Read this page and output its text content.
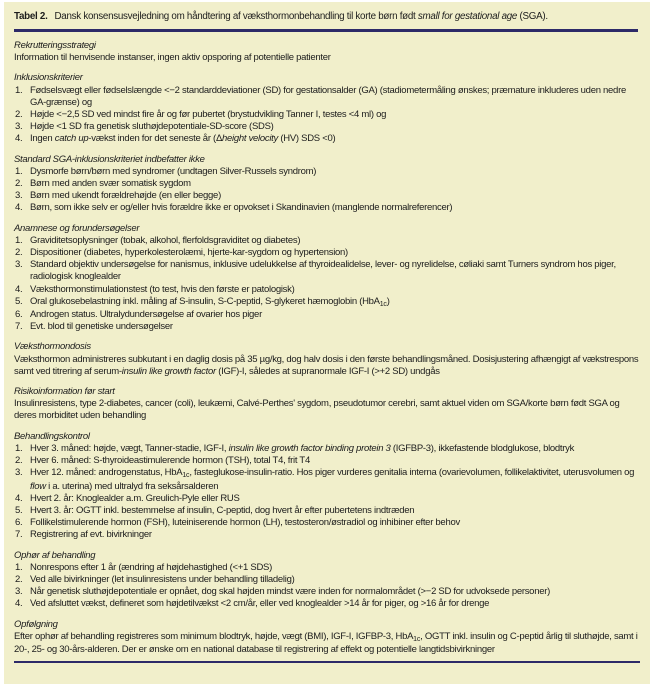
Tabel 2. Dansk konsensusvejledning om håndtering af væksthormonbehandling til korte børn født small for gestational age (SGA).
Rekrutteringsstrategi
Information til henvisende instanser, ingen aktiv opsporing af potentielle patienter
Inklusionskriterier
1. Fødselsvægt eller fødselslængde <−2 standarddeviationer (SD) for gestationsalder (GA) (stadiometermåling ønskes; præmature inkluderes uden nedre GA-grænse) og
2. Højde <−2,5 SD ved mindst fire år og før pubertet (brystudvikling Tanner I, testes <4 ml) og
3. Højde <1 SD fra genetisk sluthøjdepotentiale-SD-score (SDS)
4. Ingen catch up-vækst inden for det seneste år (Δheight velocity (HV) SDS <0)
Standard SGA-inklusionskriteriet indbefatter ikke
1. Dysmorfe børn/børn med syndromer (undtagen Silver-Russels syndrom)
2. Børn med anden svær somatisk sygdom
3. Børn med ukendt forældrehøjde (en eller begge)
4. Børn, som ikke selv er og/eller hvis forældre ikke er opvokset i Skandinavien (manglende normalreferencer)
Anamnese og forundersøgelser
1. Graviditetsoplysninger (tobak, alkohol, flerfoldsgraviditet og diabetes)
2. Dispositioner (diabetes, hyperkolesterolæmi, hjerte-kar-sygdom og hypertension)
3. Standard objektiv undersøgelse for nanismus, inklusive udelukkelse af thyroidealidelse, lever- og nyrelidelse, cøliaki samt Turners syndrom hos piger, radiologisk knoglealder
4. Væksthormonstimulationstest (to test, hvis den første er patologisk)
5. Oral glukosebelastning inkl. måling af S-insulin, S-C-peptid, S-glykeret hæmoglobin (HbA$_{1c}$)
6. Androgen status. Ultralydundersøgelse af ovarier hos piger
7. Evt. blod til genetiske undersøgelser
Væksthormondosis
Væksthormon administreres subkutant i en daglig dosis på 35 µg/kg, dog halv dosis i den første behandlingsmåned. Dosisjustering afhængigt af vækstrespons samt ved titrering af serum-insulin like growth factor (IGF)-I, således at supranormale IGF-I (>+2 SD) undgås
Risikoinformation før start
Insulinresistens, type 2-diabetes, cancer (coli), leukæmi, Calvé-Perthes' sygdom, pseudotumor cerebri, samt aktuel viden om SGA/korte børn født SGA og deres morbiditet uden behandling
Behandlingskontrol
1. Hver 3. måned: højde, vægt, Tanner-stadie, IGF-I, insulin like growth factor binding protein 3 (IGFBP-3), ikkefastende blodglukose, blodtryk
2. Hver 6. måned: S-thyroideastimulerende hormon (TSH), total T4, frit T4
3. Hver 12. måned: androgenstatus, HbA$_{1c}$, fasteglukose-insulin-ratio. Hos piger vurderes genitalia interna (ovarievolumen, follikelaktivitet, uterusvolumen og flow i a. uterina) med ultralyd fra seksårsalderen
4. Hvert 2. år: Knoglealder a.m. Greulich-Pyle eller RUS
5. Hvert 3. år: OGTT inkl. bestemmelse af insulin, C-peptid, dog hvert år efter pubertetens indtræden
6. Follikelstimulerende hormon (FSH), luteiniserende hormon (LH), testosteron/østradiol og inhibiner efter behov
7. Registrering af evt. bivirkninger
Ophør af behandling
1. Nonrespons efter 1 år (ændring af højdehastighed (<+1 SDS)
2. Ved alle bivirkninger (let insulinresistens under behandling tilladelig)
3. Når genetisk sluthøjdepotentiale er opnået, dog skal højden mindst være inden for normalområdet (>−2 SD for udvoksede personer)
4. Ved afsluttet vækst, defineret som højdetilvækst <2 cm/år, eller ved knoglealder >14 år for piger, og >16 år for drenge
Opfølgning
Efter ophør af behandling registreres som minimum blodtryk, højde, vægt (BMI), IGF-I, IGFBP-3, HbA$_{1c}$, OGTT inkl. insulin og C-peptid årlig til sluthøjde, samt i 20-, 25- og 30-års-alderen. Der er ønske om en national database til registrering af effekt og potentielle langtidsbivirkninger
